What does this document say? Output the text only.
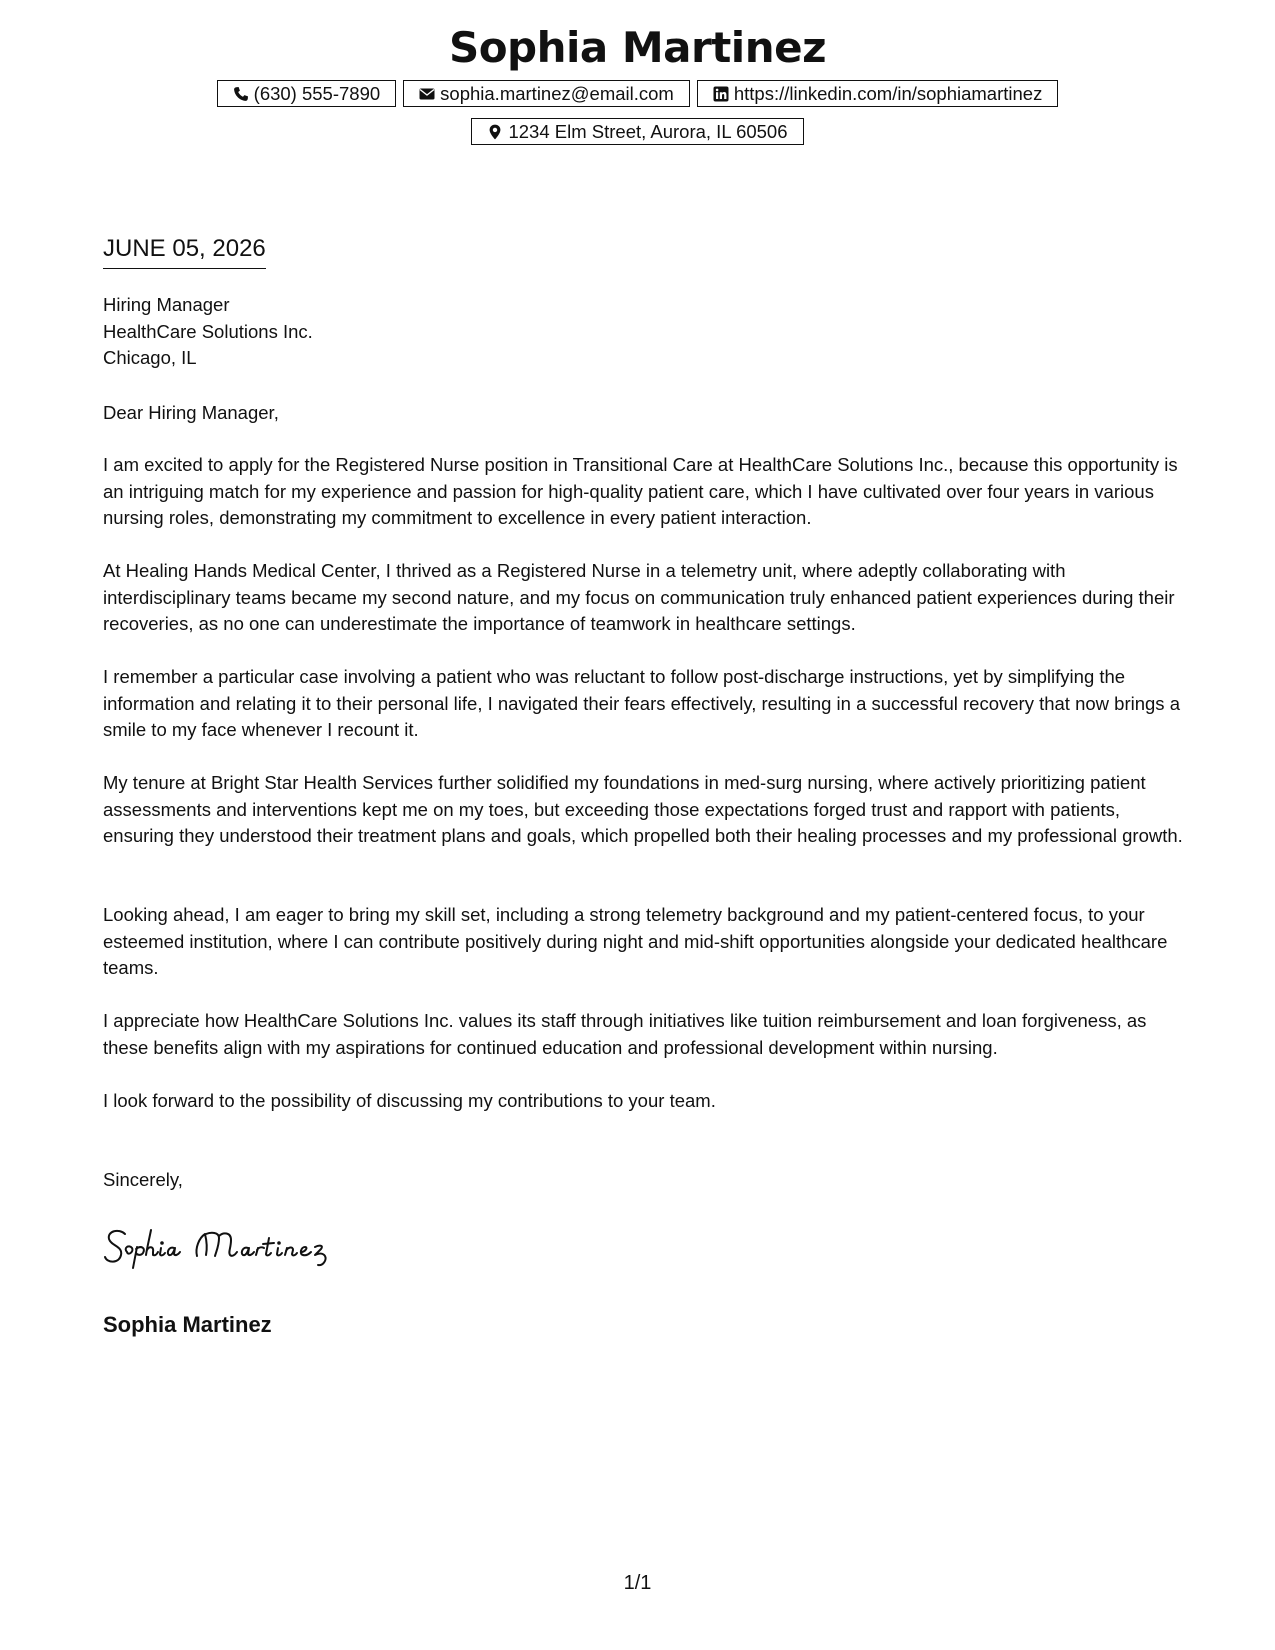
Sophia Martinez
(630) 555-7890	sophia.martinez@email.com	https://linkedin.com/in/sophiamartinez
1234 Elm Street, Aurora, IL 60506
JUNE 05, 2026
Hiring Manager
HealthCare Solutions Inc.
Chicago, IL
Dear Hiring Manager,
I am excited to apply for the Registered Nurse position in Transitional Care at HealthCare Solutions Inc., because this opportunity is an intriguing match for my experience and passion for high-quality patient care, which I have cultivated over four years in various nursing roles, demonstrating my commitment to excellence in every patient interaction.
At Healing Hands Medical Center, I thrived as a Registered Nurse in a telemetry unit, where adeptly collaborating with interdisciplinary teams became my second nature, and my focus on communication truly enhanced patient experiences during their recoveries, as no one can underestimate the importance of teamwork in healthcare settings.
I remember a particular case involving a patient who was reluctant to follow post-discharge instructions, yet by simplifying the information and relating it to their personal life, I navigated their fears effectively, resulting in a successful recovery that now brings a smile to my face whenever I recount it.
My tenure at Bright Star Health Services further solidified my foundations in med-surg nursing, where actively prioritizing patient assessments and interventions kept me on my toes, but exceeding those expectations forged trust and rapport with patients, ensuring they understood their treatment plans and goals, which propelled both their healing processes and my professional growth.
Looking ahead, I am eager to bring my skill set, including a strong telemetry background and my patient-centered focus, to your esteemed institution, where I can contribute positively during night and mid-shift opportunities alongside your dedicated healthcare teams.
I appreciate how HealthCare Solutions Inc. values its staff through initiatives like tuition reimbursement and loan forgiveness, as these benefits align with my aspirations for continued education and professional development within nursing.
I look forward to the possibility of discussing my contributions to your team.
Sincerely,
Sophia Martinez
1/1
